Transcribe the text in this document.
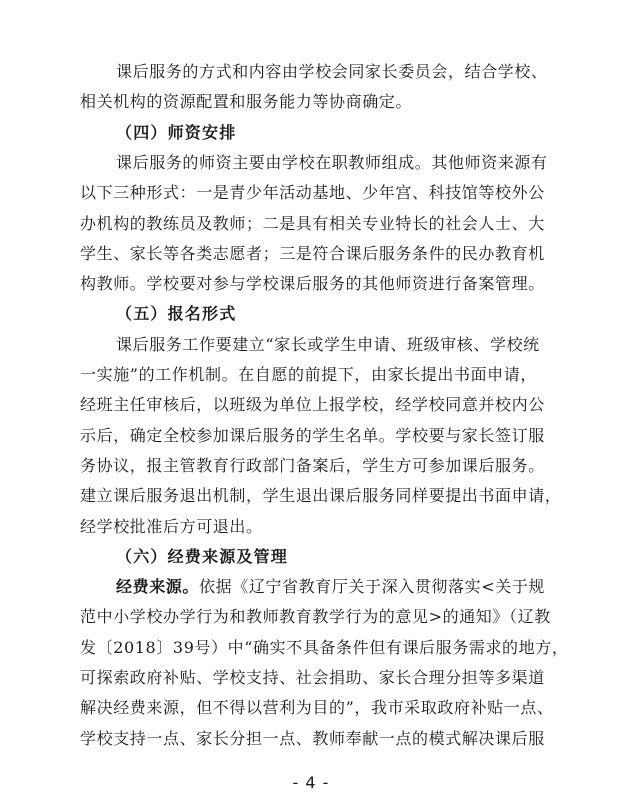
课后服务的方式和内容由学校会同家长委员会，结合学校、
相关机构的资源配置和服务能力等协商确定。
（四）师资安排
课后服务的师资主要由学校在职教师组成。其他师资来源有
以下三种形式：一是青少年活动基地、少年宫、科技馆等校外公
办机构的教练员及教师；二是具有相关专业特长的社会人士、大
学生、家长等各类志愿者；三是符合课后服务条件的民办教育机
构教师。学校要对参与学校课后服务的其他师资进行备案管理。
（五）报名形式
课后服务工作要建立“家长或学生申请、班级审核、学校统
一实施”的工作机制。在自愿的前提下，由家长提出书面申请，
经班主任审核后，以班级为单位上报学校，经学校同意并校内公
示后，确定全校参加课后服务的学生名单。学校要与家长签订服
务协议，报主管教育行政部门备案后，学生方可参加课后服务。
建立课后服务退出机制，学生退出课后服务同样要提出书面申请，
经学校批准后方可退出。
（六）经费来源及管理
经费来源。依据《辽宁省教育厅关于深入贯彻落实<关于规
范中小学校办学行为和教师教育教学行为的意见>的通知》（辽教
发〔2018〕39号）中“确实不具备条件但有课后服务需求的地方，
可探索政府补贴、学校支持、社会捐助、家长合理分担等多渠道
解决经费来源，但不得以营利为目的”，我市采取政府补贴一点、
学校支持一点、家长分担一点、教师奉献一点的模式解决课后服
- 4 -
